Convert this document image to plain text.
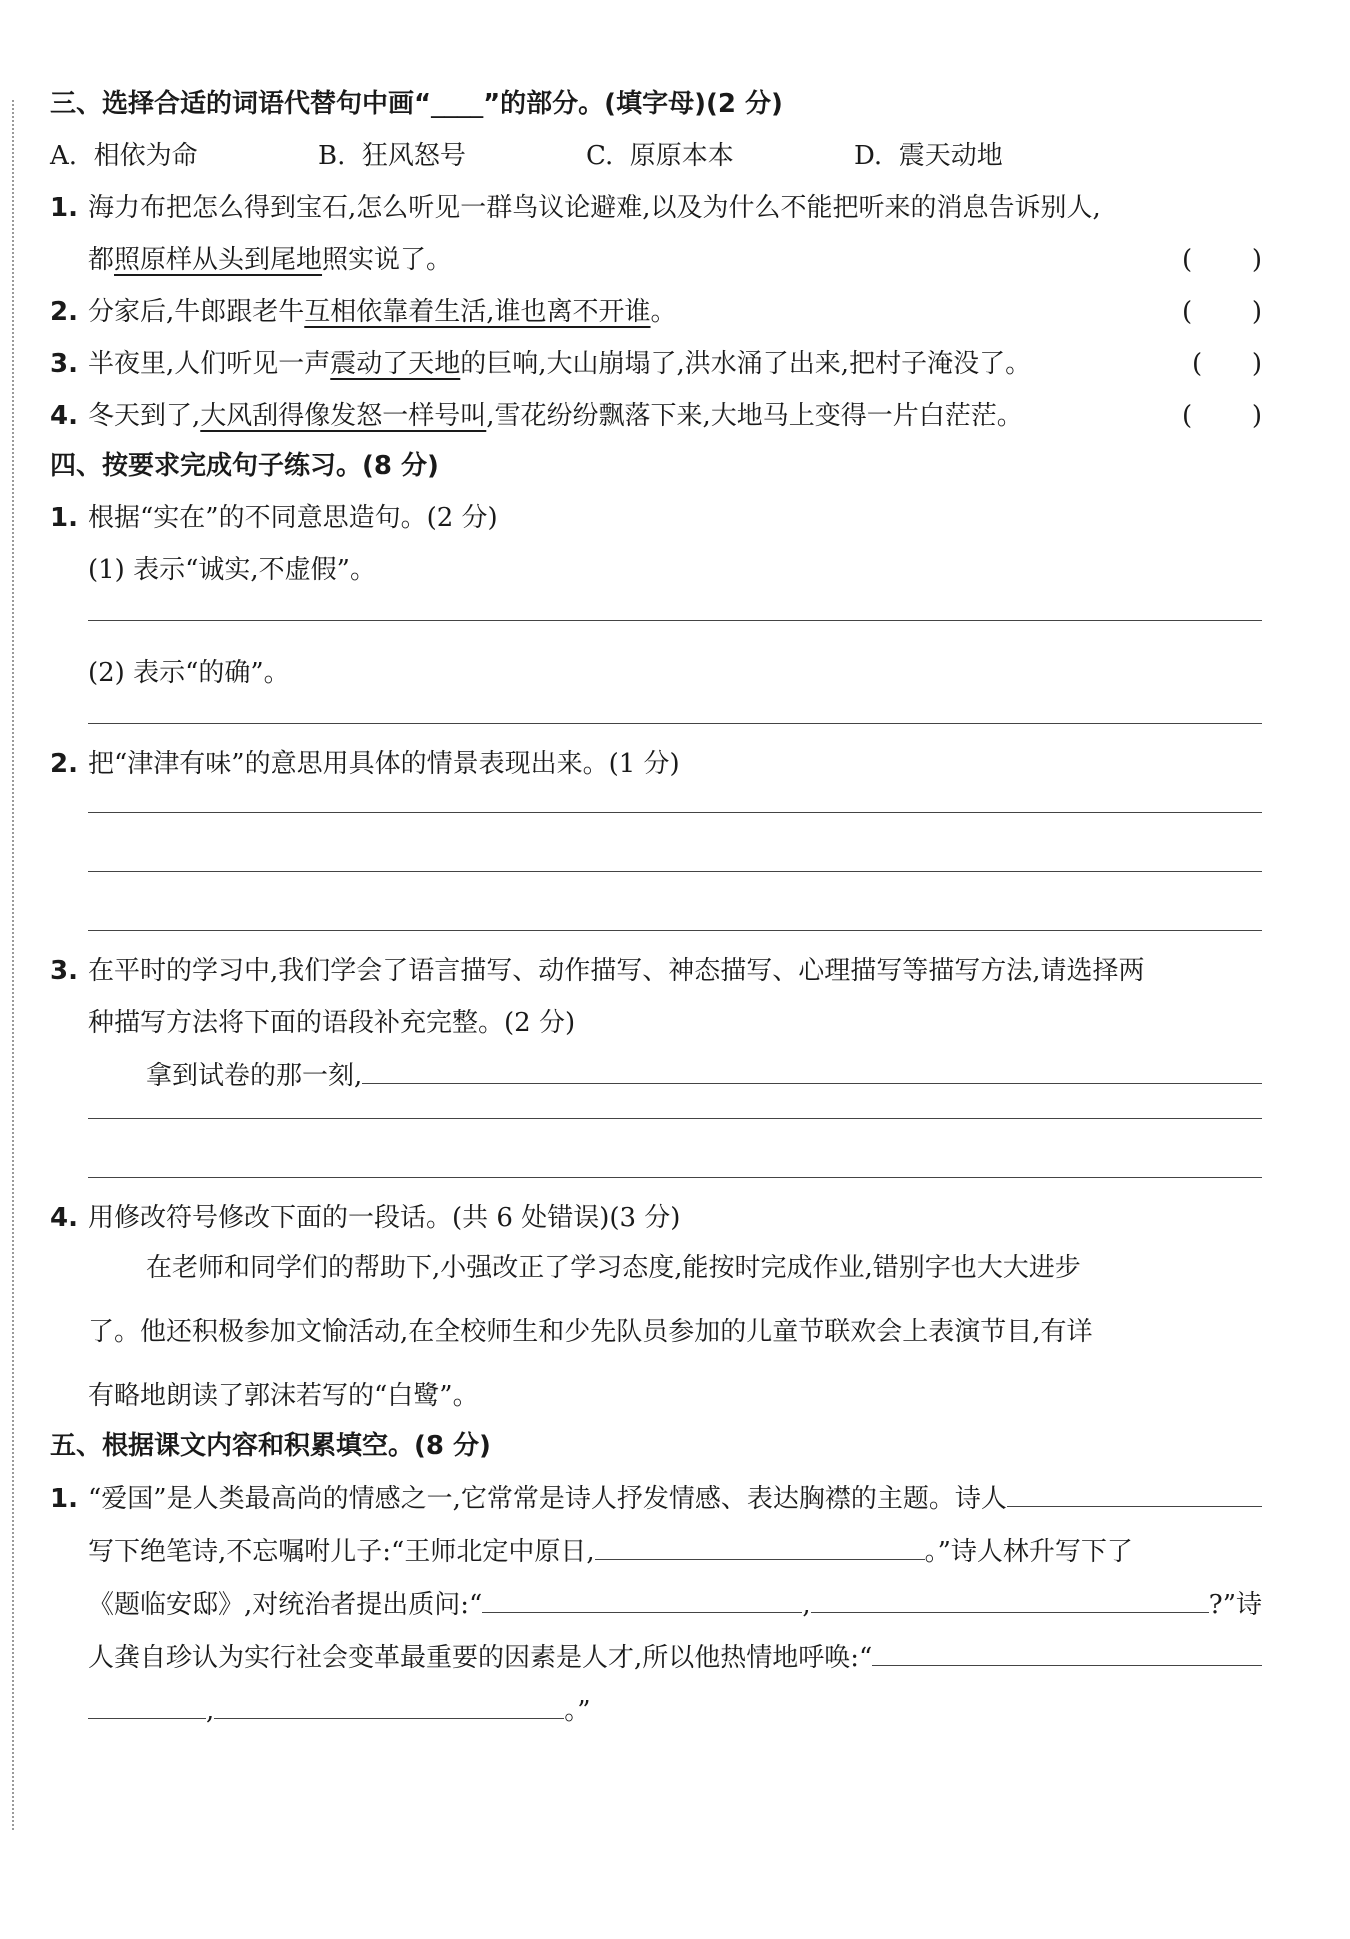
三、选择合适的词语代替句中画“____”的部分。(填字母)(2 分)
A. 相依为命	B. 狂风怒号	C. 原原本本	D. 震天动地
1. 海力布把怎么得到宝石,怎么听见一群鸟议论避难,以及为什么不能把听来的消息告诉别人,
都 照原样从头到尾地 照实说了。	( )
2. 分家后,牛郎跟老牛 互相依靠着生活,谁也离不开谁 。	( )
3. 半夜里,人们听见一声 震动了天地 的巨响,大山崩塌了,洪水涌了出来,把村子淹没了。	( )
4. 冬天到了, 大风刮得像发怒一样号叫 ,雪花纷纷飘落下来,大地马上变得一片白茫茫。	( )
四、按要求完成句子练习。(8 分)
1. 根据“实在”的不同意思造句。(2 分)
(1) 表示“诚实,不虚假”。
(2) 表示“的确”。
2. 把“津津有味”的意思用具体的情景表现出来。(1 分)
3. 在平时的学习中,我们学会了语言描写、动作描写、神态描写、心理描写等描写方法,请选择两
种描写方法将下面的语段补充完整。(2 分)
拿到试卷的那一刻,
4. 用修改符号修改下面的一段话。(共 6 处错误)(3 分)
在老师和同学们的帮助下,小强改正了学习态度,能按时完成作业,错别字也大大进步
了。他还积极参加文愉活动,在全校师生和少先队员参加的儿童节联欢会上表演节目,有详
有略地朗读了郭沫若写的“白鹭”。
五、根据课文内容和积累填空。(8 分)
1. “爱国”是人类最高尚的情感之一,它常常是诗人抒发情感、表达胸襟的主题。诗人
写下绝笔诗,不忘嘱咐儿子:“王师北定中原日,	。”诗人林升写下了
《题临安邸》,对统治者提出质问:“	,	?”诗
人龚自珍认为实行社会变革最重要的因素是人才,所以他热情地呼唤:“
,	。”
